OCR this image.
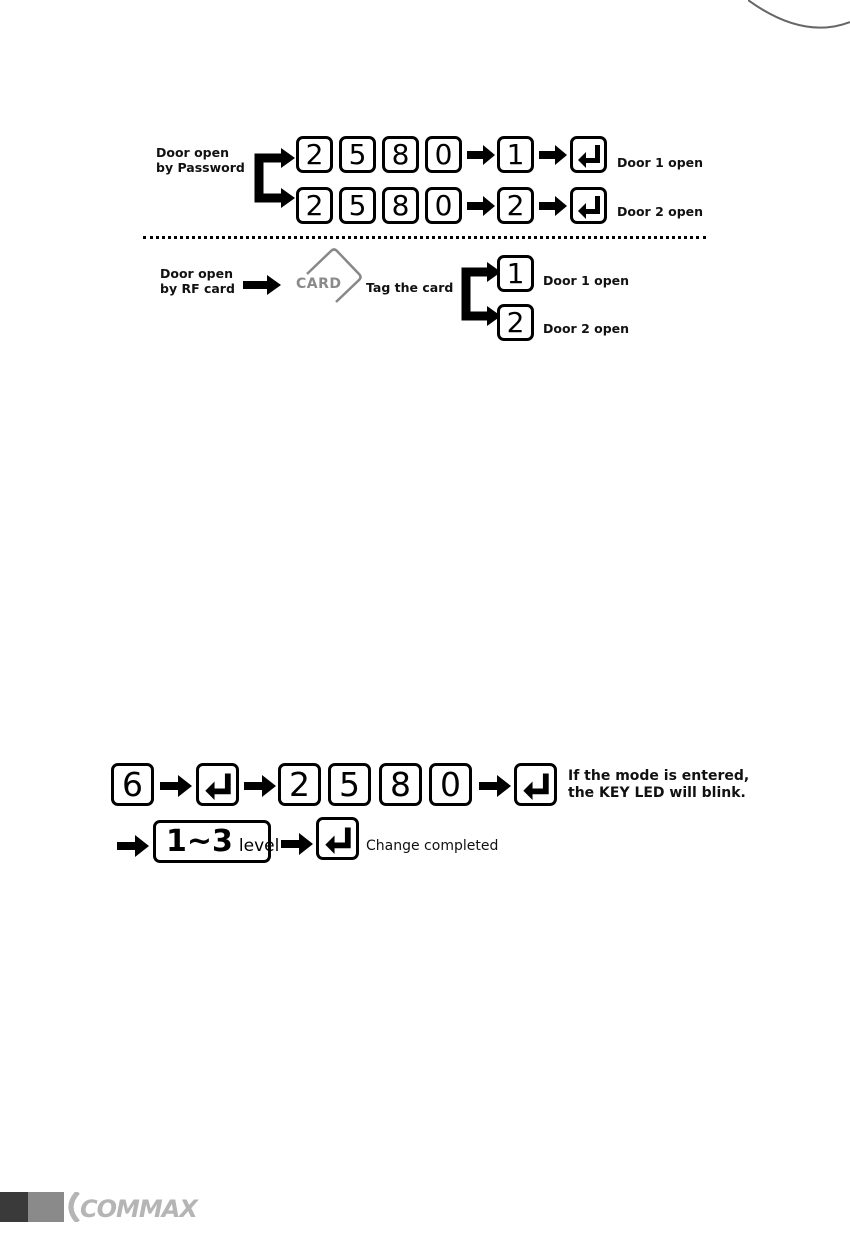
Door open
by Password	2 5 8 0	1	Door 1 open
2 5 8 0	2	Door 2 open
Door open
by RF card	CARD Tag the card	1	Door 1 open
2	Door 2 open
6	2 5 8 0	If the mode is entered,
the KEY LED will blink.
1~3 level	Change completed
COMMAX
